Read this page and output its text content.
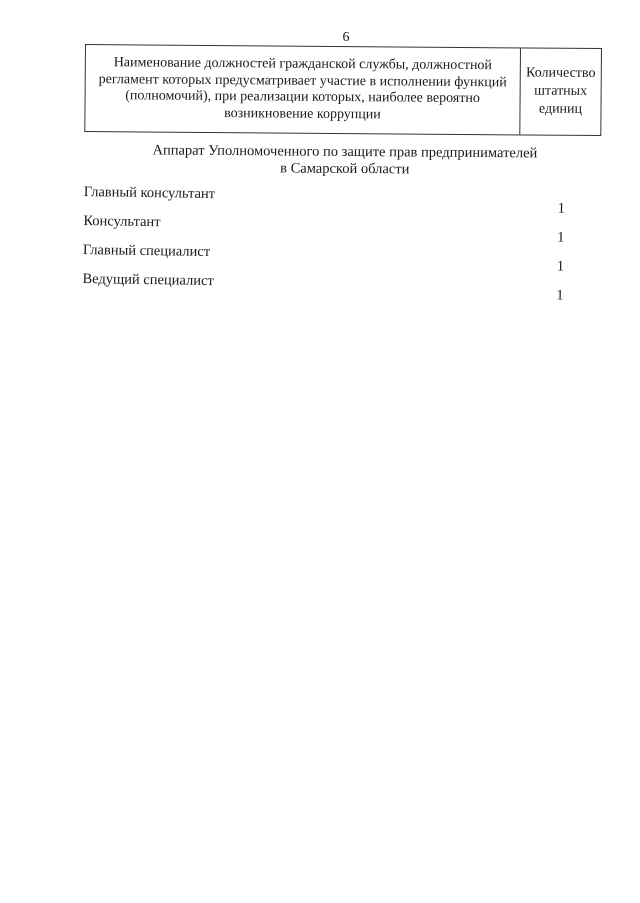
6
Наименование должностей гражданской службы, должностной регламент которых предусматривает участие в исполнении функций (полномочий), при реализации которых, наиболее вероятно возникновение коррупции
Количество штатных единиц
Аппарат Уполномоченного по защите прав предпринимателей
в Самарской области
Главный консультант
1
Консультант
1
Главный специалист
1
Ведущий специалист
1
